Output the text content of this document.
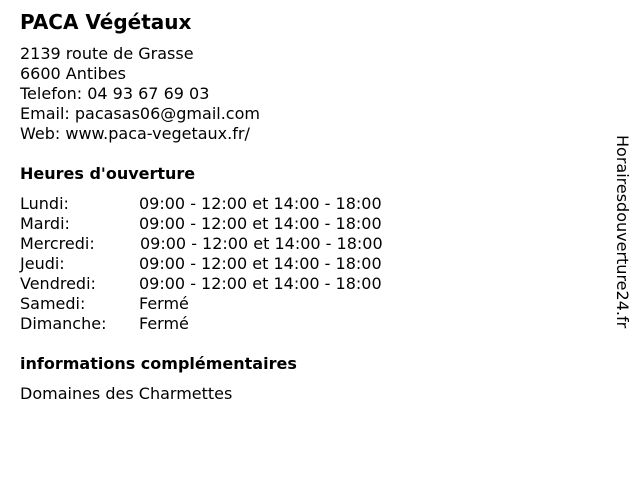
PACA Végétaux
2139 route de Grasse
6600 Antibes
Telefon: 04 93 67 69 03
Email: pacasas06@gmail.com
Web: www.paca-vegetaux.fr/
Heures d'ouverture
Lundi:	09:00 - 12:00 et 14:00 - 18:00
Mardi:	09:00 - 12:00 et 14:00 - 18:00
Mercredi:	09:00 - 12:00 et 14:00 - 18:00
Jeudi:	09:00 - 12:00 et 14:00 - 18:00
Vendredi:	09:00 - 12:00 et 14:00 - 18:00
Samedi:	Fermé
Dimanche: Fermé
informations complémentaires
Domaines des Charmettes
Horairesdouverture24.fr
